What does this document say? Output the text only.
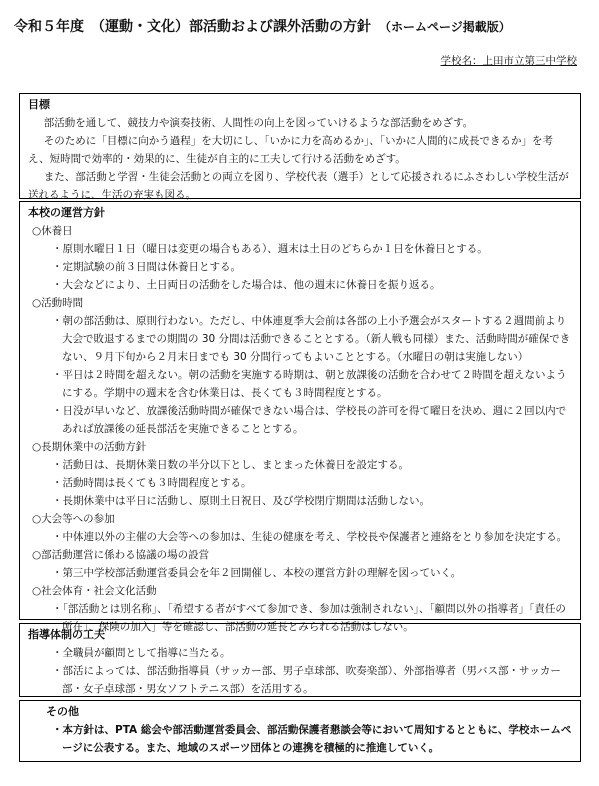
令和５年度　（運動・文化）部活動および課外活動の方針 （ホームページ掲載版）
学校名：上田市立第三中学校
目標
部活動を通して、競技力や演奏技術、人間性の向上を図っていけるような部活動をめざす。
そのために「目標に向かう過程」を大切にし、「いかに力を高めるか」、「いかに人間的に成長できるか」を考え、短時間で効率的・効果的に、生徒が自主的に工夫して行ける活動をめざす。
また、部活動と学習・生徒会活動との両立を図り、学校代表（選手）として応援されるにふさわしい学校生活が送れるように、生活の充実も図る。
本校の運営方針
○休養日
・原則水曜日１日（曜日は変更の場合もある）、週末は土日のどちらか１日を休養日とする。
・定期試験の前３日間は休養日とする。
・大会などにより、土日両日の活動をした場合は、他の週末に休養日を振り返る。
○活動時間
・朝の部活動は、原則行わない。ただし、中体連夏季大会前は各部の上小予選会がスタートする２週間前より大会で敗退するまでの期間の 30 分間は活動できることとする。（新人戦も同様）また、活動時間が確保できない、９月下旬から２月末日までも 30 分間行ってもよいこととする。（水曜日の朝は実施しない）
・平日は２時間を超えない。朝の活動を実施する時期は、朝と放課後の活動を合わせて２時間を超えないようにする。学期中の週末を含む休業日は、長くても３時間程度とする。
・日没が早いなど、放課後活動時間が確保できない場合は、学校長の許可を得て曜日を決め、週に２回以内であれば放課後の延長部活を実施できることとする。
○長期休業中の活動方針
・活動日は、長期休業日数の半分以下とし、まとまった休養日を設定する。
・活動時間は長くても３時間程度とする。
・長期休業中は平日に活動し、原則土日祝日、及び学校閉庁期間は活動しない。
○大会等への参加
・中体連以外の主催の大会等への参加は、生徒の健康を考え、学校長や保護者と連絡をとり参加を決定する。
○部活動運営に係わる協議の場の設営
・第三中学校部活動運営委員会を年２回開催し、本校の運営方針の理解を図っていく。
○社会体育・社会文化活動
・「部活動とは別名称」、「希望する者がすべて参加でき、参加は強制されない」、「顧問以外の指導者」「責任の所在」、保険の加入」等を確認し、部活動の延長とみられる活動はしない。
指導体制の工夫
・全職員が顧問として指導に当たる。
・部活によっては、部活動指導員（サッカー部、男子卓球部、吹奏楽部）、外部指導者（男バス部・サッカー部・女子卓球部・男女ソフトテニス部）を活用する。
その他
・本方針は、PTA 総会や部活動運営委員会、部活動保護者懇談会等において周知するとともに、学校ホームページに公表する。また、地域のスポーツ団体との連携を積極的に推進していく。
